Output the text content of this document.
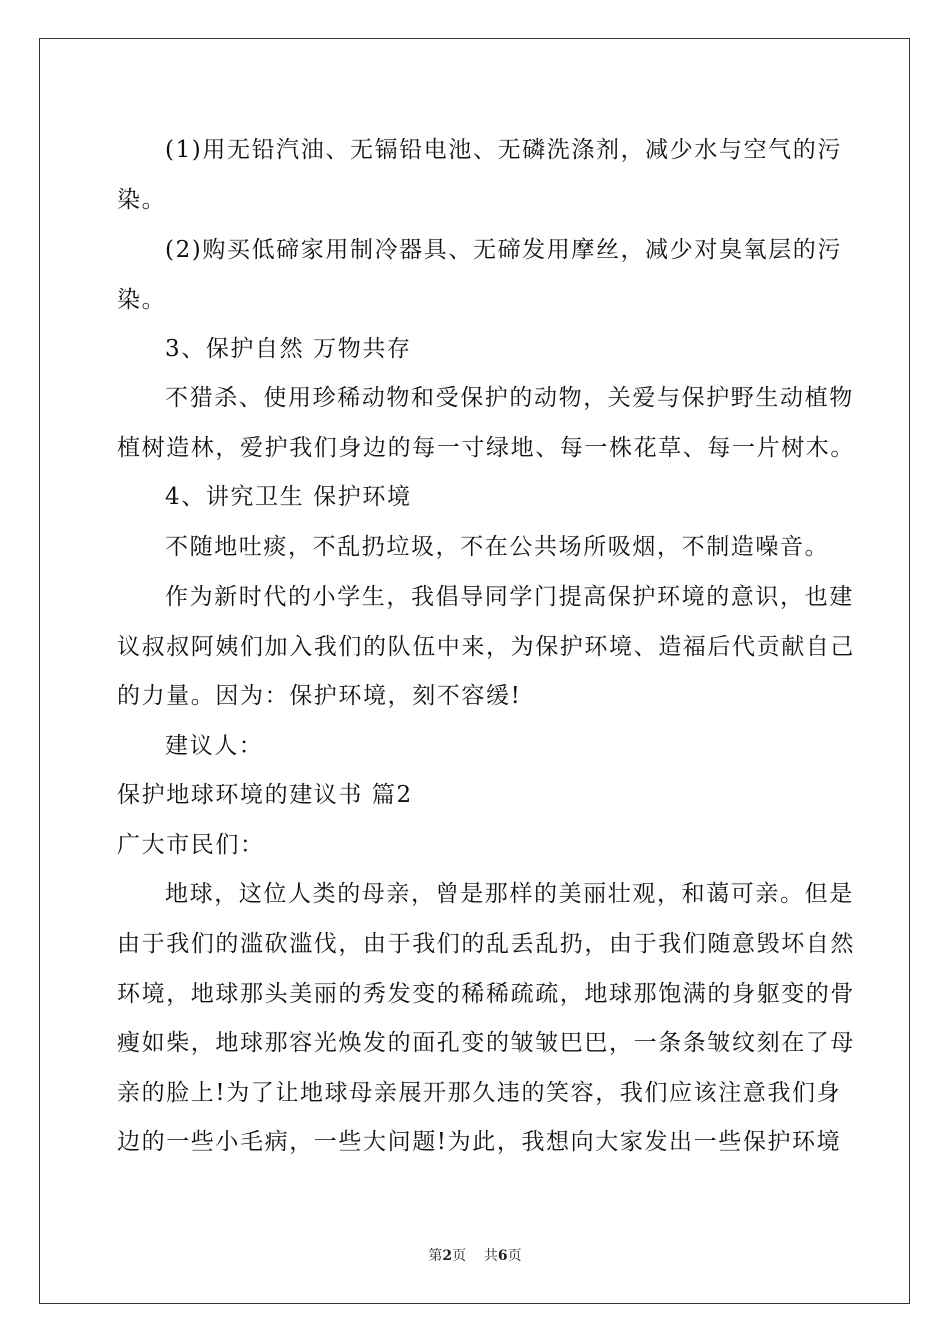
(1)用无铅汽油、无镉铅电池、无磷洗涤剂，减少水与空气的污
染。
(2)购买低碲家用制冷器具、无碲发用摩丝，减少对臭氧层的污
染。
3、保护自然 万物共存
不猎杀、使用珍稀动物和受保护的动物，关爱与保护野生动植物
植树造林，爱护我们身边的每一寸绿地、每一株花草、每一片树木。
4、讲究卫生 保护环境
不随地吐痰，不乱扔垃圾，不在公共场所吸烟，不制造噪音。
作为新时代的小学生，我倡导同学门提高保护环境的意识，也建
议叔叔阿姨们加入我们的队伍中来，为保护环境、造福后代贡献自己
的力量。因为：保护环境，刻不容缓!
建议人：
保护地球环境的建议书 篇2
广大市民们：
地球，这位人类的母亲，曾是那样的美丽壮观，和蔼可亲。但是
由于我们的滥砍滥伐，由于我们的乱丢乱扔，由于我们随意毁坏自然
环境，地球那头美丽的秀发变的稀稀疏疏，地球那饱满的身躯变的骨
瘦如柴，地球那容光焕发的面孔变的皱皱巴巴，一条条皱纹刻在了母
亲的脸上!为了让地球母亲展开那久违的笑容，我们应该注意我们身
边的一些小毛病，一些大问题!为此，我想向大家发出一些保护环境
第2页 共6页
